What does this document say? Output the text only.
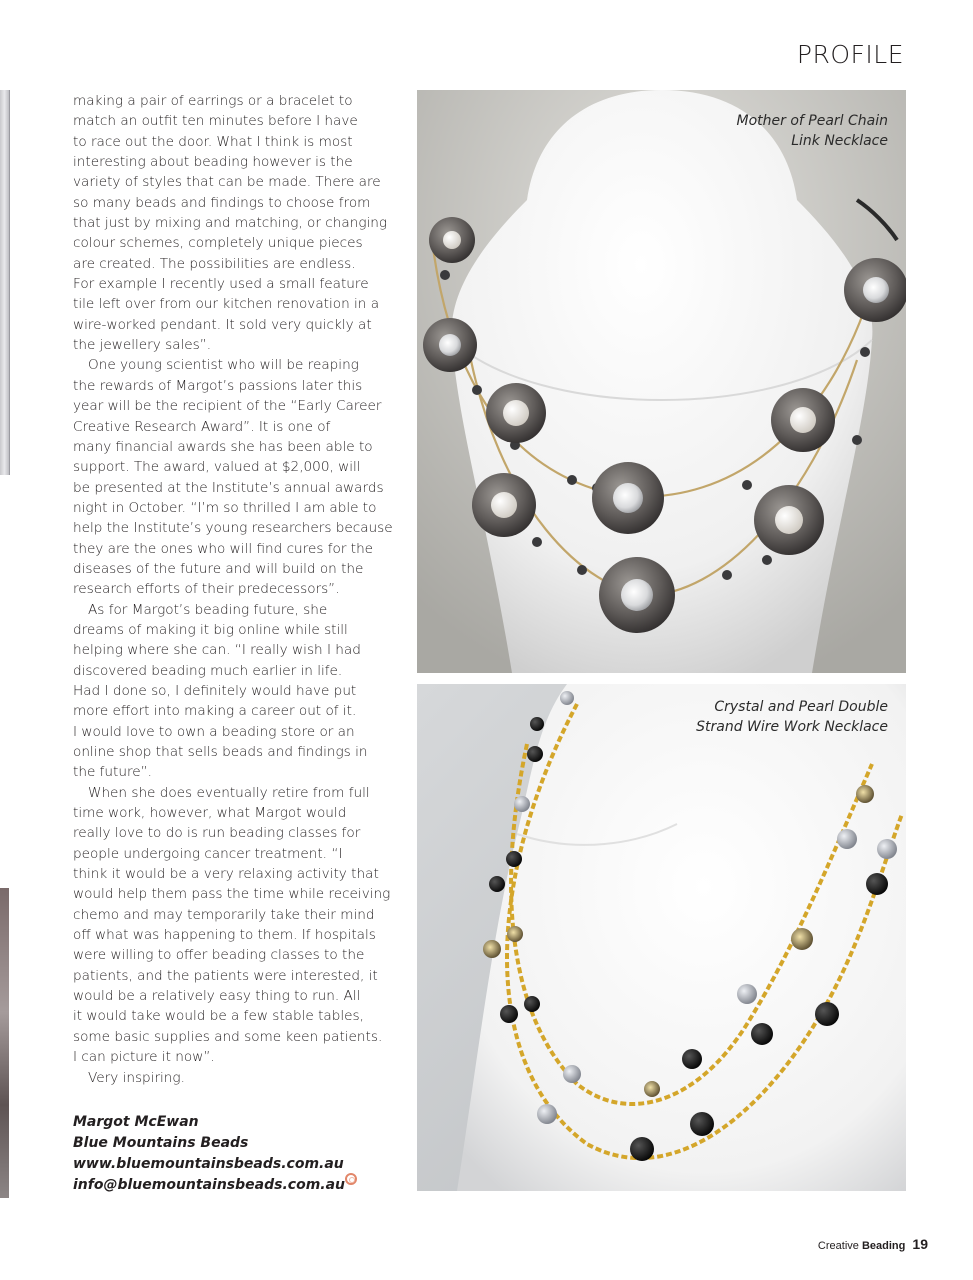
PROFILE
making a pair of earrings or a bracelet to
match an outfit ten minutes before I have
to race out the door. What I think is most
interesting about beading however is the
variety of styles that can be made. There are
so many beads and findings to choose from
that just by mixing and matching, or changing
colour schemes, completely unique pieces
are created. The possibilities are endless.
For example I recently used a small feature
tile left over from our kitchen renovation in a
wire-worked pendant. It sold very quickly at
the jewellery sales”.
One young scientist who will be reaping
the rewards of Margot’s passions later this
year will be the recipient of the “Early Career
Creative Research Award”. It is one of
many financial awards she has been able to
support. The award, valued at $2,000, will
be presented at the Institute’s annual awards
night in October. “I’m so thrilled I am able to
help the Institute’s young researchers because
they are the ones who will find cures for the
diseases of the future and will build on the
research efforts of their predecessors”.
As for Margot’s beading future, she
dreams of making it big online while still
helping where she can. “I really wish I had
discovered beading much earlier in life.
Had I done so, I definitely would have put
more effort into making a career out of it.
I would love to own a beading store or an
online shop that sells beads and findings in
the future”.
When she does eventually retire from full
time work, however, what Margot would
really love to do is run beading classes for
people undergoing cancer treatment. “I
think it would be a very relaxing activity that
would help them pass the time while receiving
chemo and may temporarily take their mind
off what was happening to them. If hospitals
were willing to offer beading classes to the
patients, and the patients were interested, it
would be a relatively easy thing to run. All
it would take would be a few stable tables,
some basic supplies and some keen patients.
I can picture it now”.
Very inspiring.
Margot McEwan
Blue Mountains Beads
www.bluemountainsbeads.com.au
info@bluemountainsbeads.com.au
Mother of Pearl Chain
Link Necklace
Crystal and Pearl Double
Strand Wire Work Necklace
Creative Beading 19
